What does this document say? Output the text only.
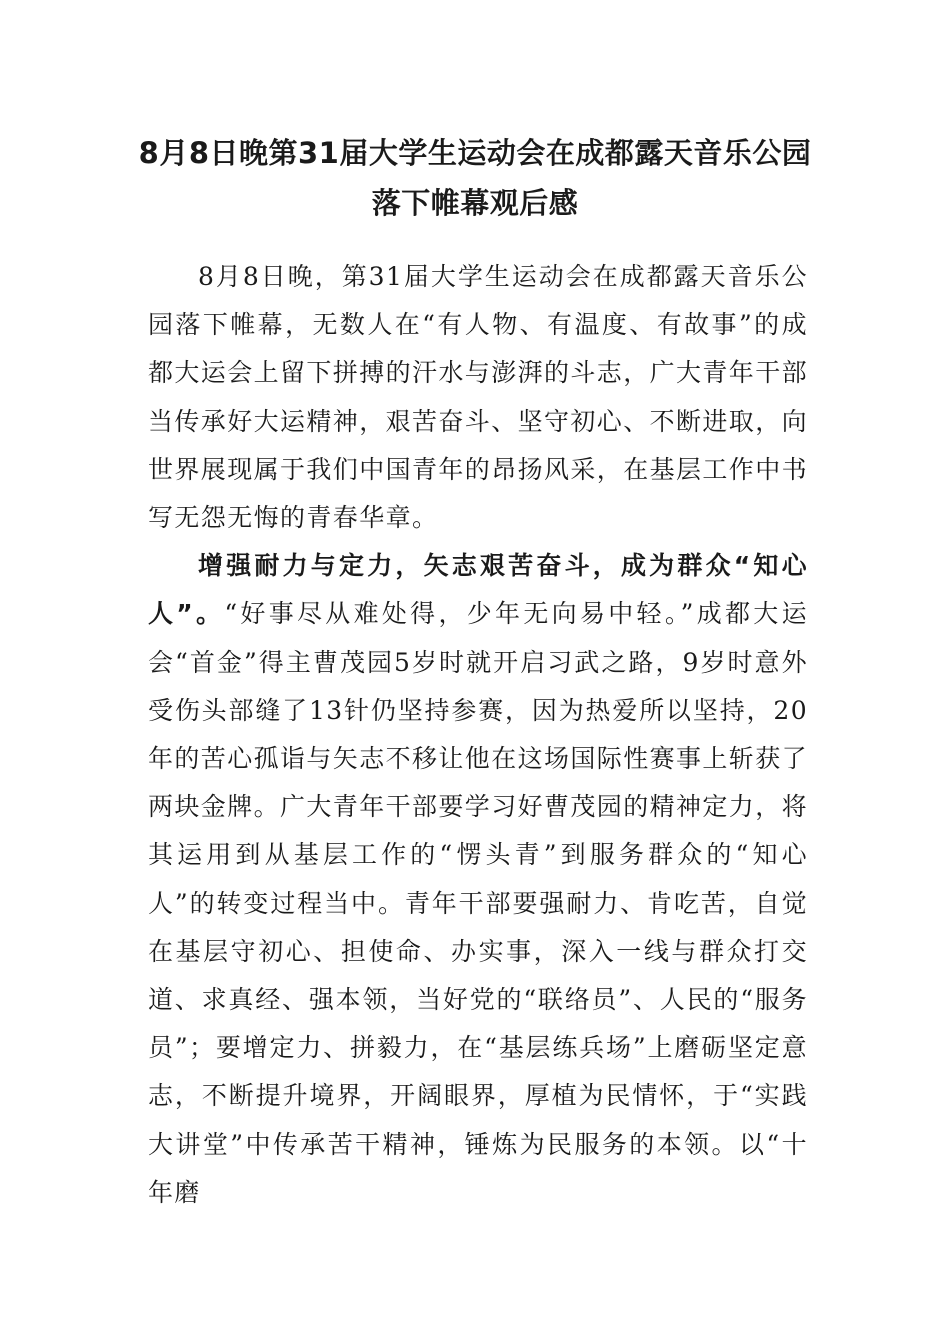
8月8日晚第31届大学生运动会在成都露天音乐公园
落下帷幕观后感

8月8日晚，第31届大学生运动会在成都露天音乐公园落下帷幕，无数人在“有人物、有温度、有故事”的成都大运会上留下拼搏的汗水与澎湃的斗志，广大青年干部当传承好大运精神，艰苦奋斗、坚守初心、不断进取，向世界展现属于我们中国青年的昂扬风采，在基层工作中书写无怨无悔的青春华章。

增强耐力与定力，矢志艰苦奋斗，成为群众“知心人”。“好事尽从难处得，少年无向易中轻。”成都大运会“首金”得主曹茂园5岁时就开启习武之路，9岁时意外受伤头部缝了13针仍坚持参赛，因为热爱所以坚持，20年的苦心孤诣与矢志不移让他在这场国际性赛事上斩获了两块金牌。广大青年干部要学习好曹茂园的精神定力，将其运用到从基层工作的“愣头青”到服务群众的“知心人”的转变过程当中。青年干部要强耐力、肯吃苦，自觉在基层守初心、担使命、办实事，深入一线与群众打交道、求真经、强本领，当好党的“联络员”、人民的“服务员”；要增定力、拼毅力，在“基层练兵场”上磨砺坚定意志，不断提升境界，开阔眼界，厚植为民情怀，于“实践大讲堂”中传承苦干精神，锤炼为民服务的本领。以“十年磨
